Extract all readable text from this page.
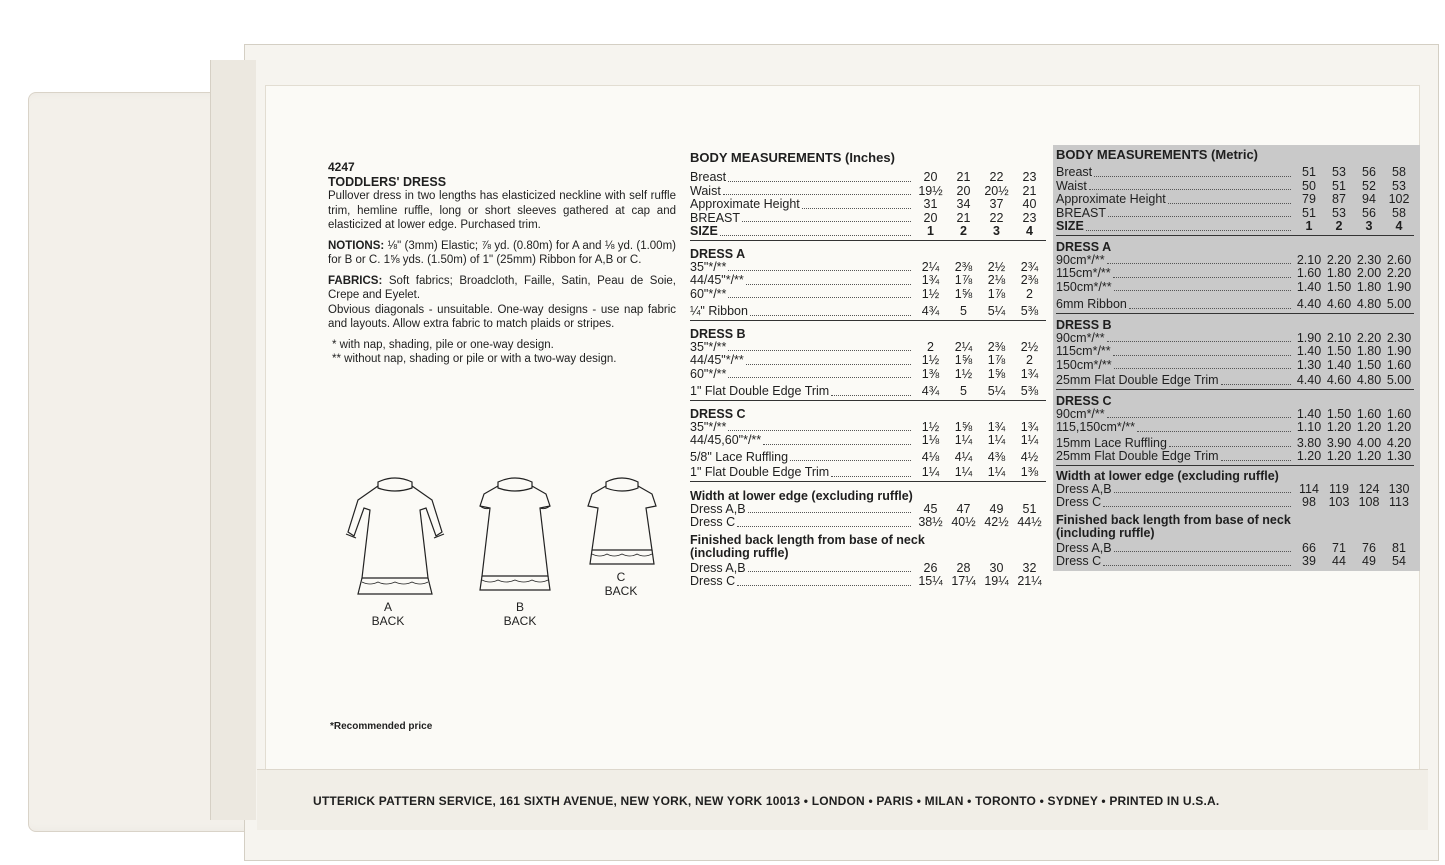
4247
TODDLERS' DRESS

Pullover dress in two lengths has elasticized neckline with self ruffle trim, hemline ruffle, long or short sleeves gathered at cap and elasticized at lower edge. Purchased trim.

NOTIONS: ⅛" (3mm) Elastic; ⅞ yd. (0.80m) for A and ⅛ yd. (1.00m) for B or C. 1⅝ yds. (1.50m) of 1" (25mm) Ribbon for A,B or C.

FABRICS: Soft fabrics; Broadcloth, Faille, Satin, Peau de Soie, Crepe and Eyelet.

Obvious diagonals - unsuitable. One-way designs - use nap fabric and layouts. Allow extra fabric to match plaids or stripes.

* with nap, shading, pile or one-way design.
** without nap, shading or pile or with a two-way design.
A
BACK
B
BACK
C
BACK
*Recommended price
BODY MEASUREMENTS (Inches)
Breast	20	21	22	23
Waist	19½	20	20½	21
Approximate Height	31	34	37	40
BREAST	20	21	22	23
SIZE	1	2	3	4
DRESS A
35"*/**	2¼	2⅜	2½	2¾
44/45"*/**	1¾	1⅞	2⅛	2⅜
60"*/**	1½	1⅝	1⅞	2
¼" Ribbon	4¾	5	5¼	5⅜
DRESS B
35"*/**	2	2¼	2⅜	2½
44/45"*/**	1½	1⅝	1⅞	2
60"*/**	1⅜	1½	1⅝	1¾
1" Flat Double Edge Trim	4¾	5	5¼	5⅜
DRESS C
35"*/**	1½	1⅝	1¾	1¾
44/45,60"*/**	1⅛	1¼	1¼	1¼
5/8" Lace Ruffling	4⅛	4¼	4⅜	4½
1" Flat Double Edge Trim	1¼	1¼	1¼	1⅜
Width at lower edge (excluding ruffle)
Dress A,B	45	47	49	51
Dress C	38½ 40½ 42½ 44½
Finished back length from base of neck (including ruffle)
Dress A,B	26	28	30	32
Dress C	15¼ 17¼ 19¼ 21¼
BODY MEASUREMENTS (Metric)
Breast	51	53	56	58
Waist	50	51	52	53
Approximate Height	79	87	94	102
BREAST	51	53	56	58
SIZE	1	2	3	4
DRESS A
90cm*/**	2.10 2.20 2.30 2.60
115cm*/**	1.60 1.80 2.00 2.20
150cm*/**	1.40 1.50 1.80 1.90
6mm Ribbon	4.40 4.60 4.80 5.00
DRESS B
90cm*/**	1.90 2.10 2.20 2.30
115cm*/**	1.40 1.50 1.80 1.90
150cm*/**	1.30 1.40 1.50 1.60
25mm Flat Double Edge Trim	4.40 4.60 4.80 5.00
DRESS C
90cm*/**	1.40 1.50 1.60 1.60
115,150cm*/**	1.10 1.20 1.20 1.20
15mm Lace Ruffling	3.80 3.90 4.00 4.20
25mm Flat Double Edge Trim	1.20 1.20 1.20 1.30
Width at lower edge (excluding ruffle)
Dress A,B	114 119 124 130
Dress C	98	103 108 113
Finished back length from base of neck (including ruffle)
Dress A,B	66	71	76	81
Dress C	39	44	49	54
UTTERICK PATTERN SERVICE, 161 SIXTH AVENUE, NEW YORK, NEW YORK 10013 • LONDON • PARIS • MILAN • TORONTO • SYDNEY • PRINTED IN U.S.A.
